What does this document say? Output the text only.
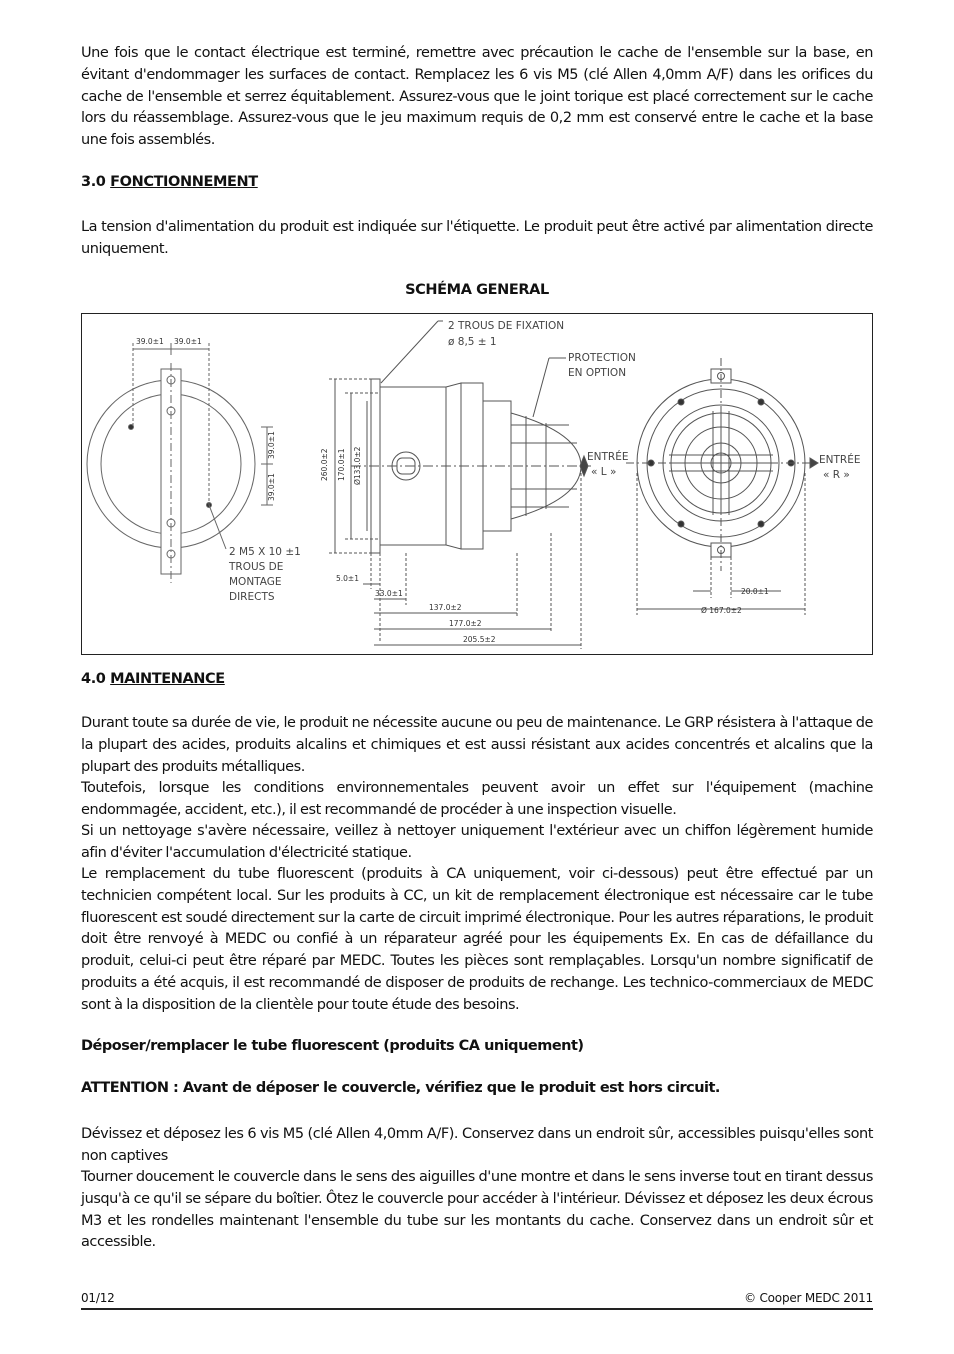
Une fois que le contact électrique est terminé, remettre avec précaution le cache de l'ensemble sur la base, en évitant d'endommager les surfaces de contact. Remplacez les 6 vis M5 (clé Allen 4,0mm A/F) dans les orifices du cache de l'ensemble et serrez équitablement. Assurez-vous que le joint torique est placé correctement sur le cache lors du réassemblage. Assurez-vous que le jeu maximum requis de 0,2 mm est conservé entre le cache et la base une fois assemblés.

3.0 FONCTIONNEMENT

La tension d'alimentation du produit est indiquée sur l'étiquette. Le produit peut être activé par alimentation directe uniquement.

SCHÉMA GENERAL
39.0±1 39.0±1
39.0±1
39.0±1
2 M5 X 10 ±1
TROUS DE
MONTAGE
DIRECTS
260.0±2 170.0±1 Ø133.0±2
5.0±1
33.0±1
137.0±2
177.0±2
205.5±2
2 TROUS DE FIXATION
ø 8,5 ± 1
PROTECTION
EN OPTION
ENTRÉE
« L »
20.0±1
Ø 167.0±2
ENTRÉE
« R »
4.0 MAINTENANCE

Durant toute sa durée de vie, le produit ne nécessite aucune ou peu de maintenance. Le GRP résistera à l'attaque de la plupart des acides, produits alcalins et chimiques et est aussi résistant aux acides concentrés et alcalins que la plupart des produits métalliques.

Toutefois, lorsque les conditions environnementales peuvent avoir un effet sur l'équipement (machine endommagée, accident, etc.), il est recommandé de procéder à une inspection visuelle.

Si un nettoyage s'avère nécessaire, veillez à nettoyer uniquement l'extérieur avec un chiffon légèrement humide afin d'éviter l'accumulation d'électricité statique.

Le remplacement du tube fluorescent (produits à CA uniquement, voir ci-dessous) peut être effectué par un technicien compétent local. Sur les produits à CC, un kit de remplacement électronique est nécessaire car le tube fluorescent est soudé directement sur la carte de circuit imprimé électronique. Pour les autres réparations, le produit doit être renvoyé à MEDC ou confié à un réparateur agréé pour les équipements Ex. En cas de défaillance du produit, celui-ci peut être réparé par MEDC. Toutes les pièces sont remplaçables. Lorsqu'un nombre significatif de produits a été acquis, il est recommandé de disposer de produits de rechange. Les technico-commerciaux de MEDC sont à la disposition de la clientèle pour toute étude des besoins.

Déposer/remplacer le tube fluorescent (produits CA uniquement)

ATTENTION : Avant de déposer le couvercle, vérifiez que le produit est hors circuit.

Dévissez et déposez les 6 vis M5 (clé Allen 4,0mm A/F). Conservez dans un endroit sûr, accessibles puisqu'elles sont non captives

Tourner doucement le couvercle dans le sens des aiguilles d'une montre et dans le sens inverse tout en tirant dessus jusqu'à ce qu'il se sépare du boîtier. Ôtez le couvercle pour accéder à l'intérieur. Dévissez et déposez les deux écrous M3 et les rondelles maintenant l'ensemble du tube sur les montants du cache. Conservez dans un endroit sûr et accessible.

01/12	© Cooper MEDC 2011
